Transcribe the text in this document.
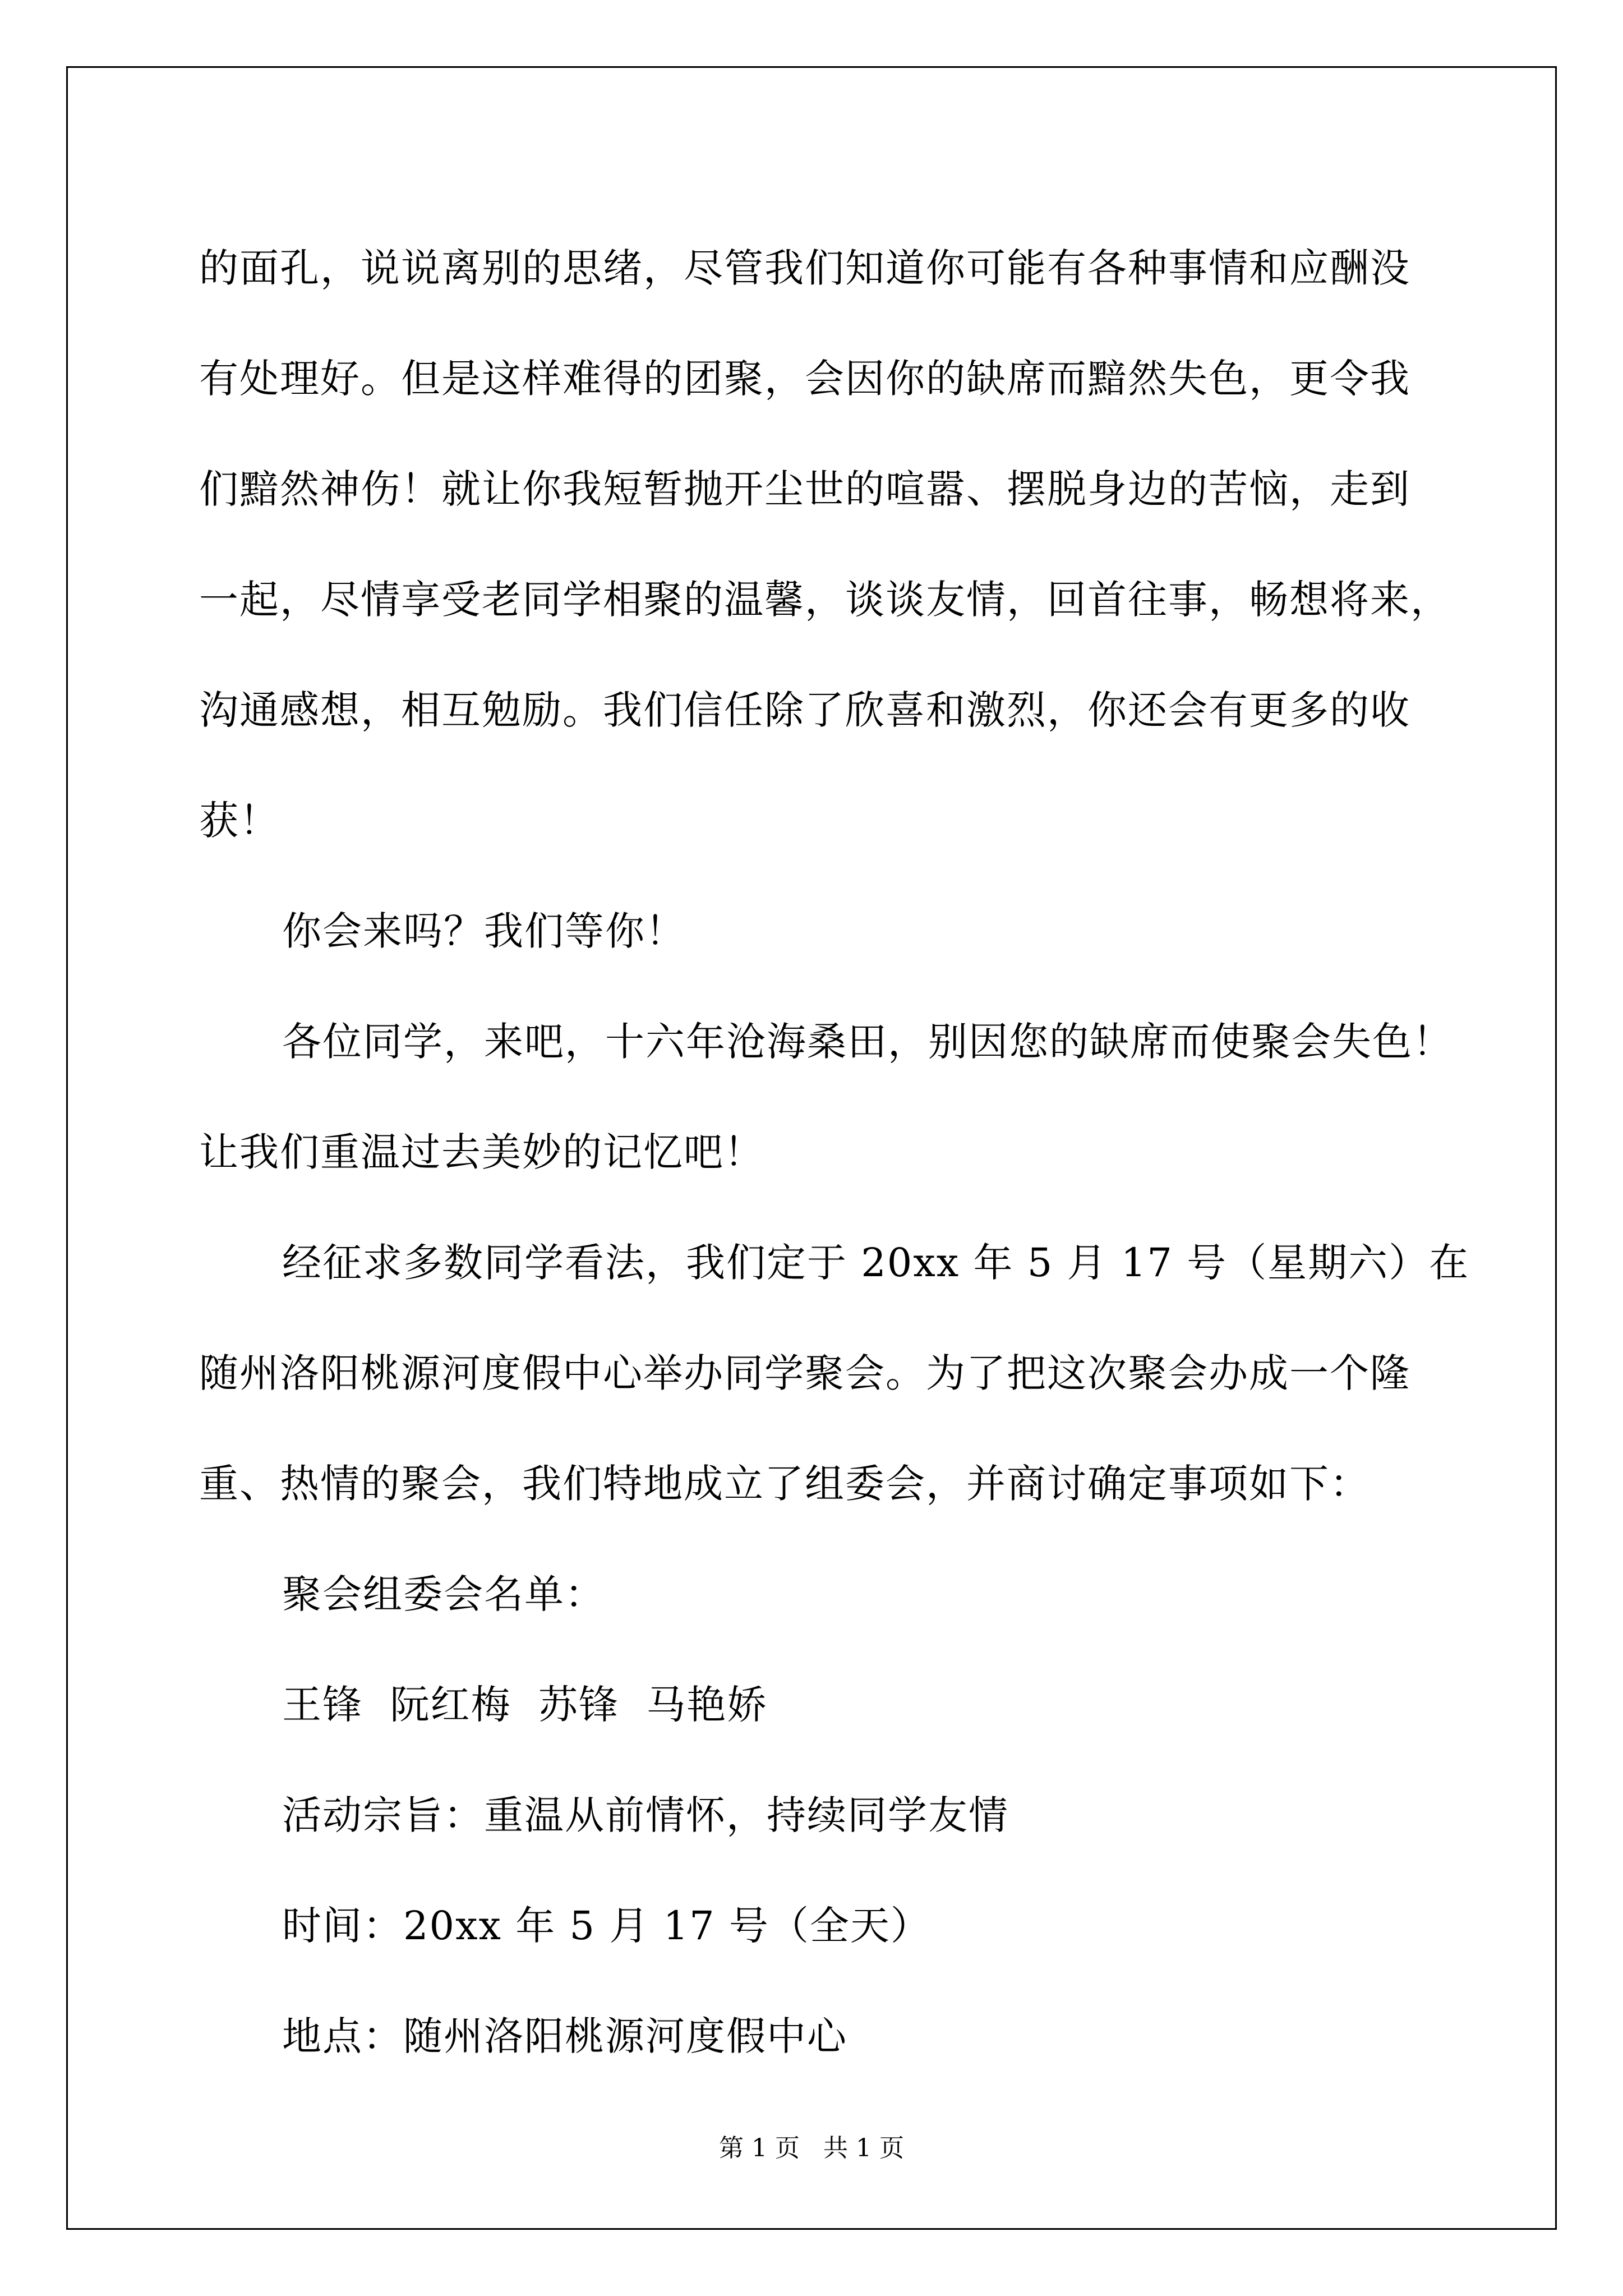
的面孔，说说离别的思绪，尽管我们知道你可能有各种事情和应酬没
有处理好。但是这样难得的团聚，会因你的缺席而黯然失色，更令我
们黯然神伤！就让你我短暂抛开尘世的喧嚣、摆脱身边的苦恼，走到
一起，尽情享受老同学相聚的温馨，谈谈友情，回首往事，畅想将来，
沟通感想，相互勉励。我们信任除了欣喜和激烈，你还会有更多的收
获！
你会来吗？我们等你！
各位同学，来吧，十六年沧海桑田，别因您的缺席而使聚会失色！
让我们重温过去美妙的记忆吧！
经征求多数同学看法，我们定于 20xx 年 5 月 17 号（星期六）在
随州洛阳桃源河度假中心举办同学聚会。为了把这次聚会办成一个隆
重、热情的聚会，我们特地成立了组委会，并商讨确定事项如下：
聚会组委会名单：
王锋  阮红梅  苏锋  马艳娇
活动宗旨：重温从前情怀，持续同学友情
时间：20xx 年 5 月 17 号（全天）
地点：随州洛阳桃源河度假中心
第 1 页   共 1 页
